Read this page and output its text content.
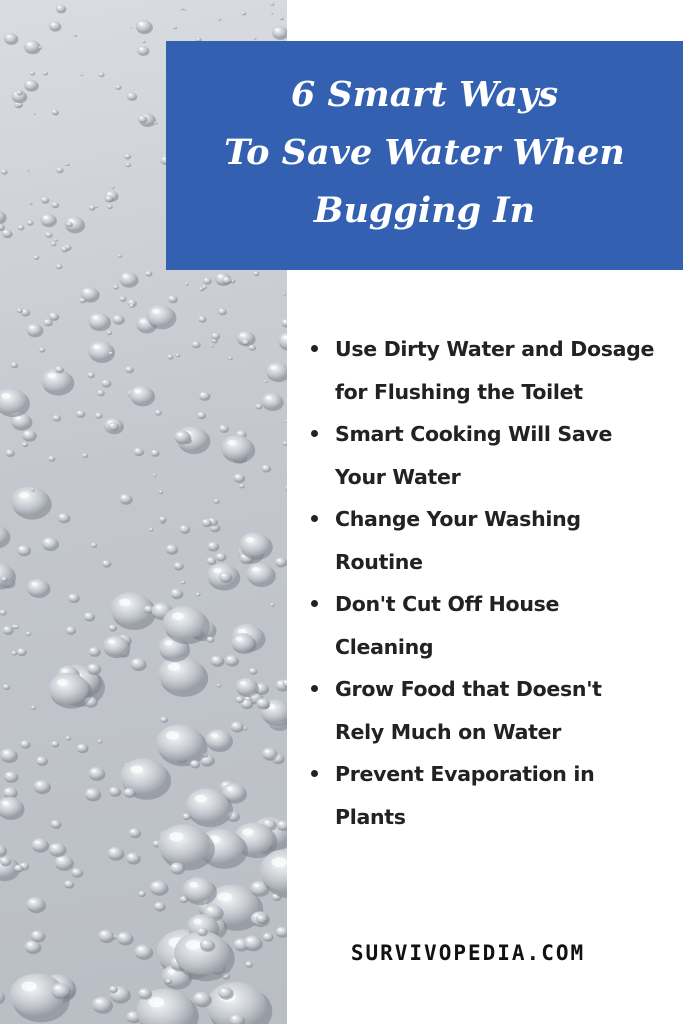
6 Smart Ways
To Save Water When
Bugging In
Use Dirty Water and Dosage for Flushing the Toilet
Smart Cooking Will Save Your Water
Change Your Washing Routine
Don't Cut Off House Cleaning
Grow Food that Doesn't Rely Much on Water
Prevent Evaporation in Plants
SURVIVOPEDIA.COM
